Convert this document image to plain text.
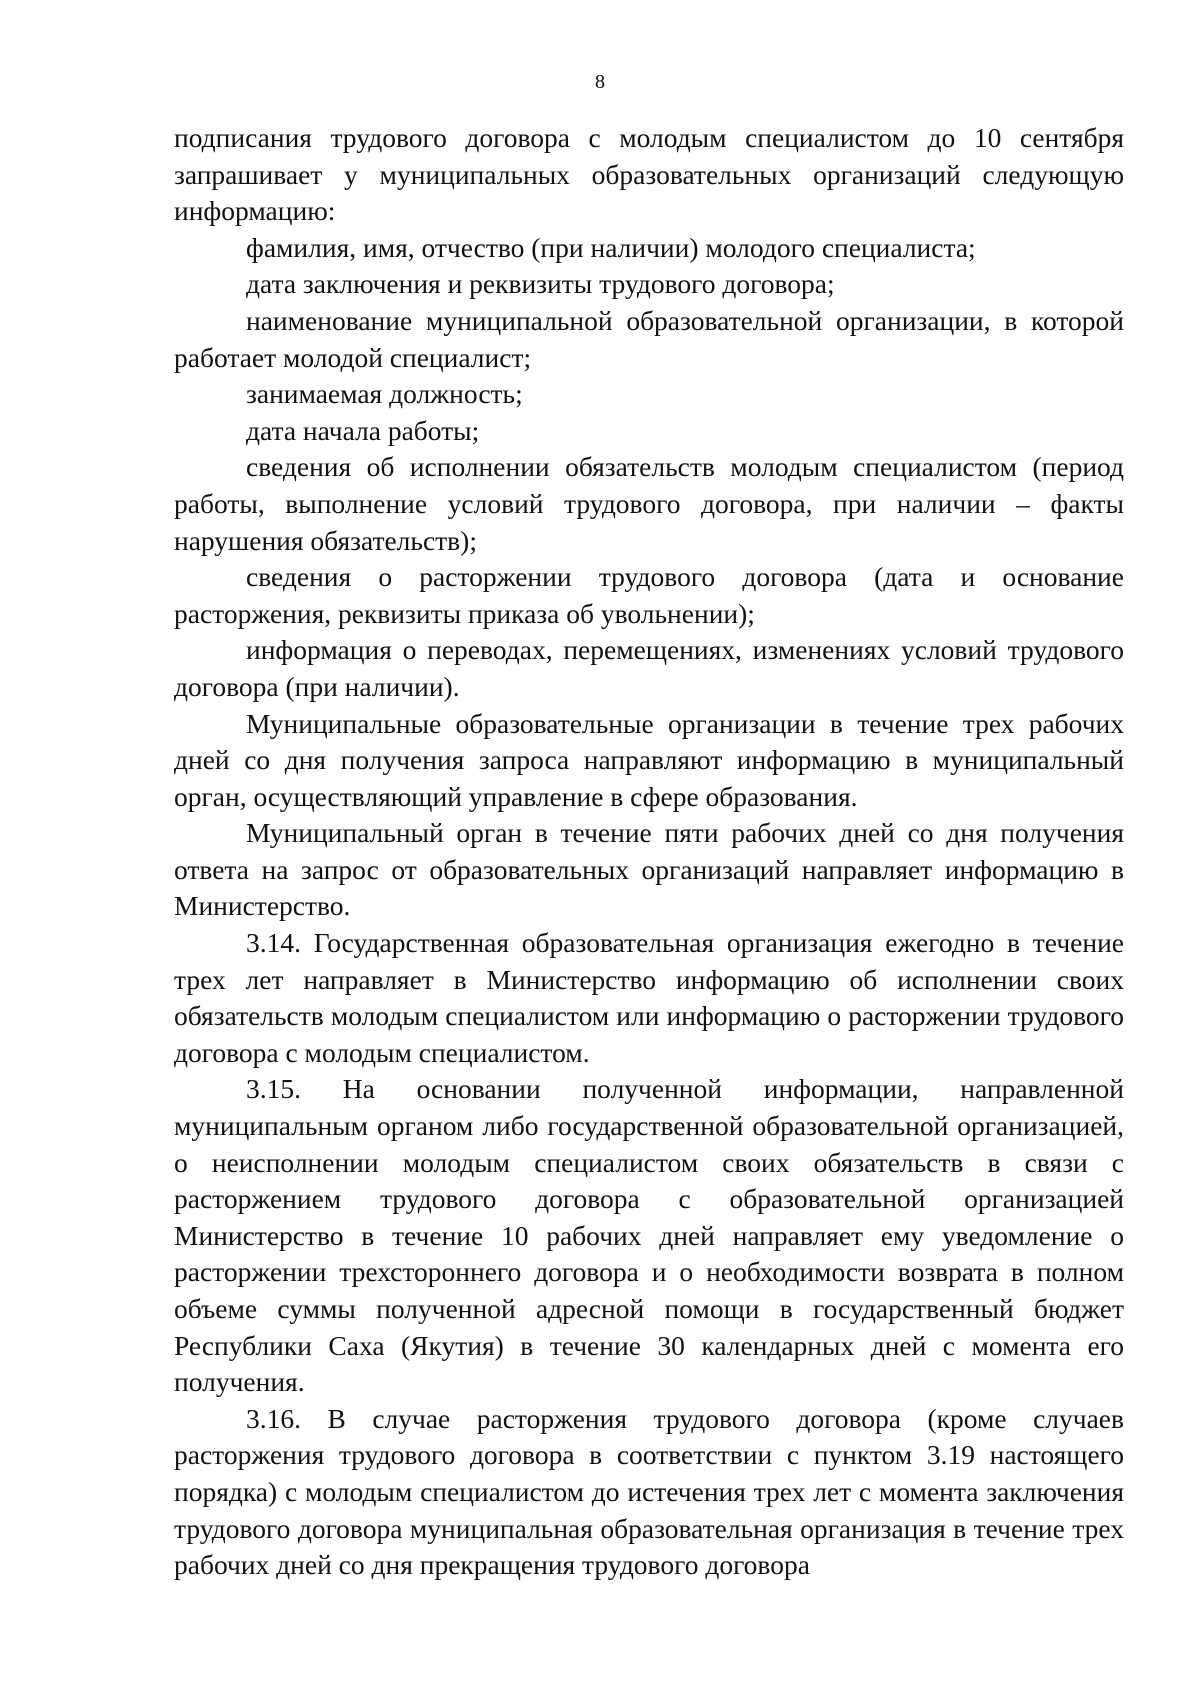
8

подписания трудового договора с молодым специалистом до 10 сентября запрашивает у муниципальных образовательных организаций следующую информацию:

фамилия, имя, отчество (при наличии) молодого специалиста;

дата заключения и реквизиты трудового договора;

наименование муниципальной образовательной организации, в которой работает молодой специалист;

занимаемая должность;

дата начала работы;

сведения об исполнении обязательств молодым специалистом (период работы, выполнение условий трудового договора, при наличии – факты нарушения обязательств);

сведения о расторжении трудового договора (дата и основание расторжения, реквизиты приказа об увольнении);

информация о переводах, перемещениях, изменениях условий трудового договора (при наличии).

Муниципальные образовательные организации в течение трех рабочих дней со дня получения запроса направляют информацию в муниципальный орган, осуществляющий управление в сфере образования.

Муниципальный орган в течение пяти рабочих дней со дня получения ответа на запрос от образовательных организаций направляет информацию в Министерство.

3.14. Государственная образовательная организация ежегодно в течение трех лет направляет в Министерство информацию об исполнении своих обязательств молодым специалистом или информацию о расторжении трудового договора с молодым специалистом.

3.15. На основании полученной информации, направленной муниципальным органом либо государственной образовательной организацией, о неисполнении молодым специалистом своих обязательств в связи с расторжением трудового договора с образовательной организацией Министерство в течение 10 рабочих дней направляет ему уведомление о расторжении трехстороннего договора и о необходимости возврата в полном объеме суммы полученной адресной помощи в государственный бюджет Республики Саха (Якутия) в течение 30 календарных дней с момента его получения.

3.16. В случае расторжения трудового договора (кроме случаев расторжения трудового договора в соответствии с пунктом 3.19 настоящего порядка) с молодым специалистом до истечения трех лет с момента заключения трудового договора муниципальная образовательная организация в течение трех рабочих дней со дня прекращения трудового договора
